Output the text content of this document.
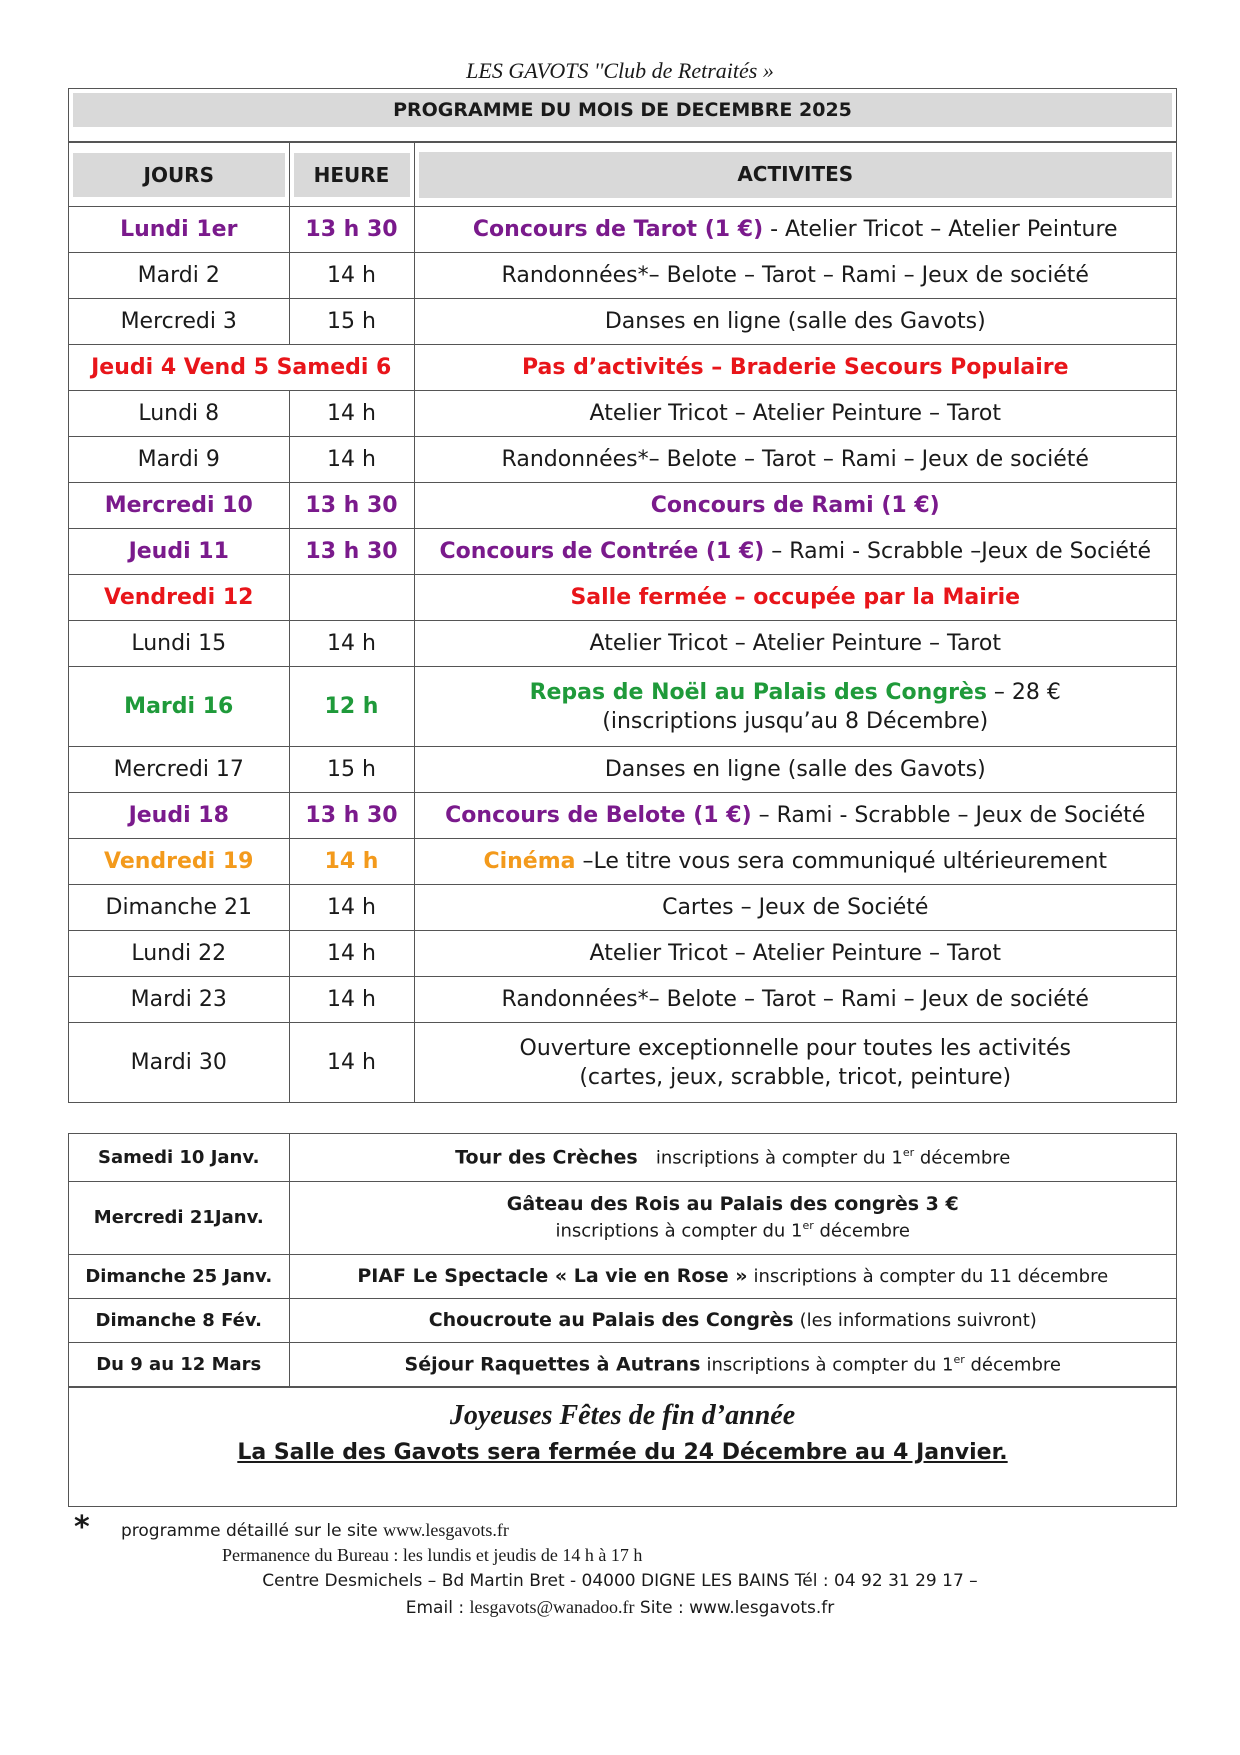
LES GAVOTS ''Club de Retraités »
PROGRAMME DU MOIS DE DECEMBRE 2025
JOURS	HEURE	ACTIVITES
Lundi 1er	13 h 30	Concours de Tarot (1 €) - Atelier Tricot – Atelier Peinture
Mardi 2	14 h	Randonnées*– Belote – Tarot – Rami – Jeux de société
Mercredi 3	15 h	Danses en ligne (salle des Gavots)
Jeudi 4 Vend 5 Samedi 6		Pas d’activités – Braderie Secours Populaire
Lundi 8	14 h	Atelier Tricot – Atelier Peinture – Tarot
Mardi 9	14 h	Randonnées*– Belote – Tarot – Rami – Jeux de société
Mercredi 10	13 h 30	Concours de Rami (1 €)
Jeudi 11	13 h 30	Concours de Contrée (1 €) – Rami - Scrabble –Jeux de Société
Vendredi 12		Salle fermée – occupée par la Mairie
Lundi 15	14 h	Atelier Tricot – Atelier Peinture – Tarot
Mardi 16	12 h	Repas de Noël au Palais des Congrès – 28 €
(inscriptions jusqu’au 8 Décembre)

Mercredi 17	15 h	Danses en ligne (salle des Gavots)
Jeudi 18	13 h 30	Concours de Belote (1 €) – Rami - Scrabble – Jeux de Société
Vendredi 19	14 h	Cinéma –Le titre vous sera communiqué ultérieurement
Dimanche 21	14 h	Cartes – Jeux de Société
Lundi 22	14 h	Atelier Tricot – Atelier Peinture – Tarot
Mardi 23	14 h	Randonnées*– Belote – Tarot – Rami – Jeux de société
Mardi 30	14 h	Ouverture exceptionnelle pour toutes les activités
(cartes, jeux, scrabble, tricot, peinture)
Samedi 10 Janv.	Tour des Crèches inscriptions à compter du 1er décembre
Mercredi 21Janv.	Gâteau des Rois au Palais des congrès 3 €
inscriptions à compter du 1er décembre

Dimanche 25 Janv.	PIAF Le Spectacle « La vie en Rose » inscriptions à compter du 11 décembre
Dimanche 8 Fév.	Choucroute au Palais des Congrès (les informations suivront)
Du 9 au 12 Mars	Séjour Raquettes à Autrans inscriptions à compter du 1er décembre
Joyeuses Fêtes de fin d’année
La Salle des Gavots sera fermée du 24 Décembre au 4 Janvier.
* programme détaillé sur le site www.lesgavots.fr
Permanence du Bureau : les lundis et jeudis de 14 h à 17 h
Centre Desmichels – Bd Martin Bret - 04000 DIGNE LES BAINS Tél : 04 92 31 29 17 –
Email : lesgavots@wanadoo.fr Site : www.lesgavots.fr
